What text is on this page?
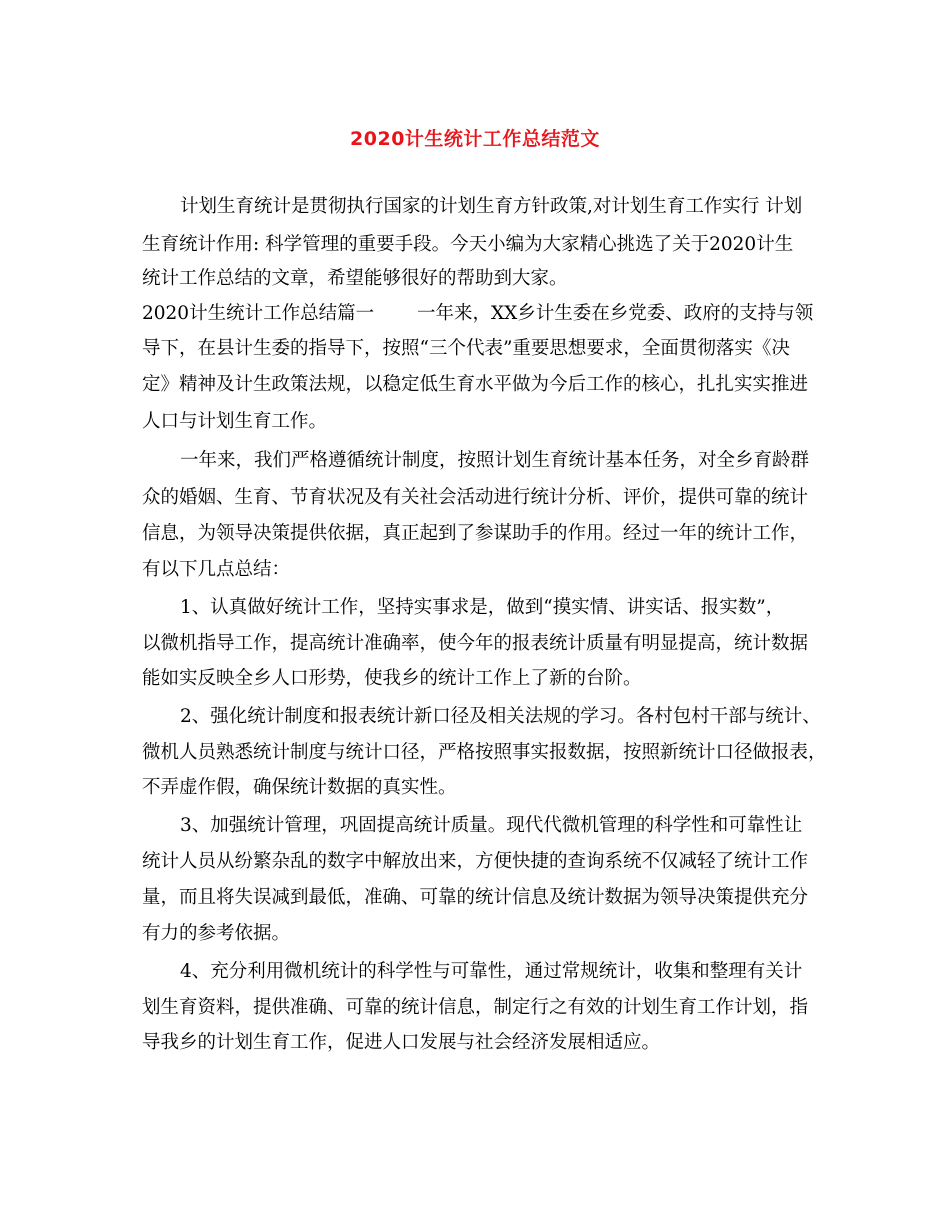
2020计生统计工作总结范文
计划生育统计是贯彻执行国家的计划生育方针政策,对计划生育工作实行 计划
生育统计作用: 科学管理的重要手段。今天小编为大家精心挑选了关于2020计生
统计工作总结的文章，希望能够很好的帮助到大家。
2020计生统计工作总结篇一 　　一年来，XX乡计生委在乡党委、政府的支持与领
导下，在县计生委的指导下，按照“三个代表”重要思想要求，全面贯彻落实《决
定》精神及计生政策法规，以稳定低生育水平做为今后工作的核心，扎扎实实推进
人口与计划生育工作。
一年来，我们严格遵循统计制度，按照计划生育统计基本任务，对全乡育龄群
众的婚姻、生育、节育状况及有关社会活动进行统计分析、评价，提供可靠的统计
信息，为领导决策提供依据，真正起到了参谋助手的作用。经过一年的统计工作，
有以下几点总结：
1、认真做好统计工作，坚持实事求是，做到“摸实情、讲实话、报实数”，
以微机指导工作，提高统计准确率，使今年的报表统计质量有明显提高，统计数据
能如实反映全乡人口形势，使我乡的统计工作上了新的台阶。
2、强化统计制度和报表统计新口径及相关法规的学习。各村包村干部与统计、
微机人员熟悉统计制度与统计口径，严格按照事实报数据，按照新统计口径做报表，
不弄虚作假，确保统计数据的真实性。
3、加强统计管理，巩固提高统计质量。现代代微机管理的科学性和可靠性让
统计人员从纷繁杂乱的数字中解放出来，方便快捷的查询系统不仅减轻了统计工作
量，而且将失误减到最低，准确、可靠的统计信息及统计数据为领导决策提供充分
有力的参考依据。
4、充分利用微机统计的科学性与可靠性，通过常规统计，收集和整理有关计
划生育资料，提供准确、可靠的统计信息，制定行之有效的计划生育工作计划，指
导我乡的计划生育工作，促进人口发展与社会经济发展相适应。
